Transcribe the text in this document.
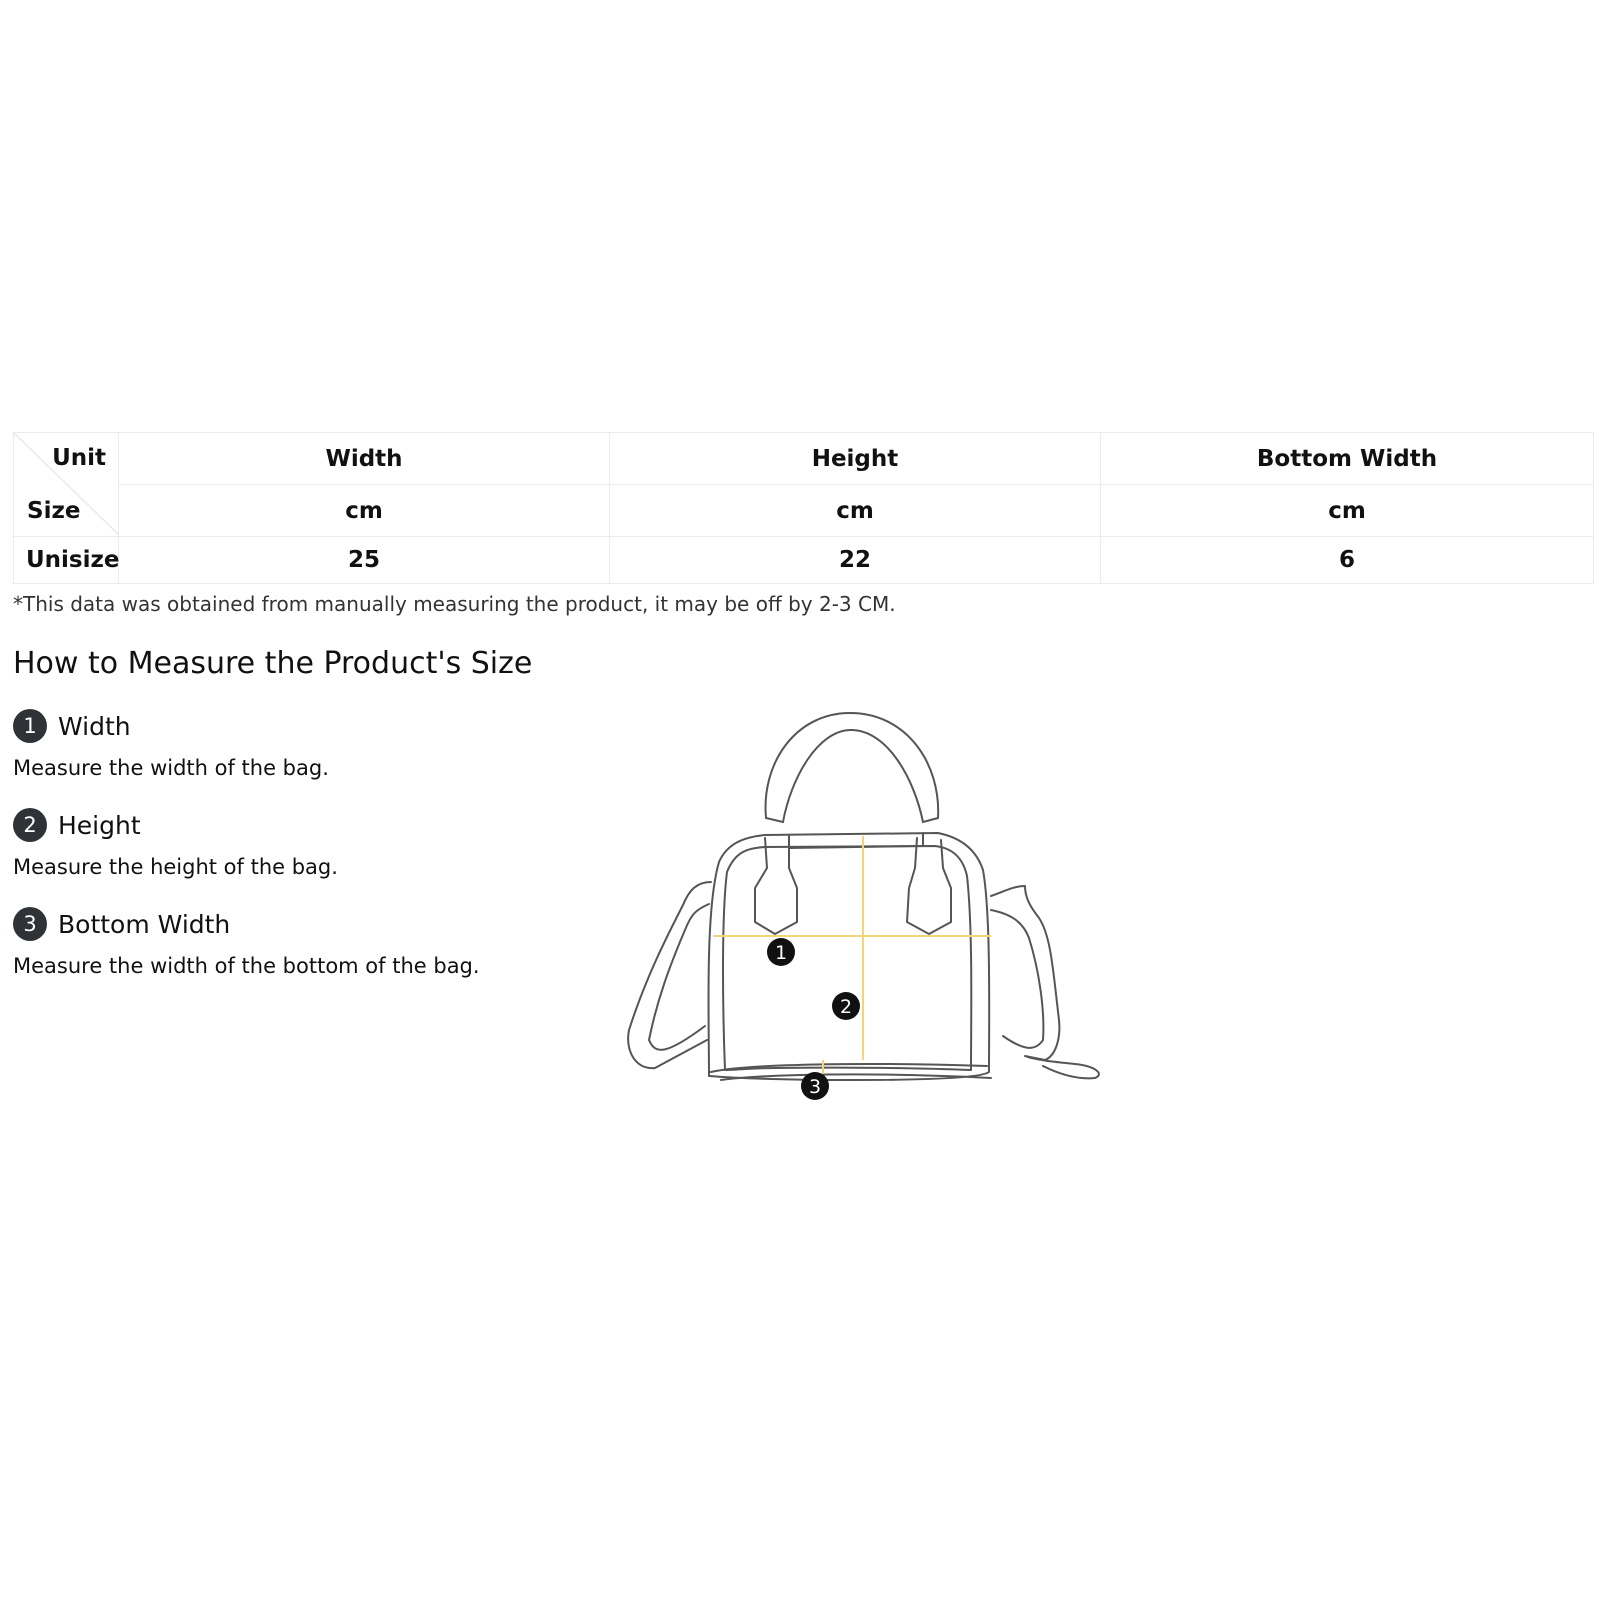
Unit
Size	Width	Height	Bottom Width
	cm	cm	cm
Unisize	25	22	6
*This data was obtained from manually measuring the product, it may be off by 2-3 CM.
How to Measure the Product's Size
1 Width
Measure the width of the bag.
2 Height
Measure the height of the bag.
3 Bottom Width
Measure the width of the bottom of the bag.
1
2
3
